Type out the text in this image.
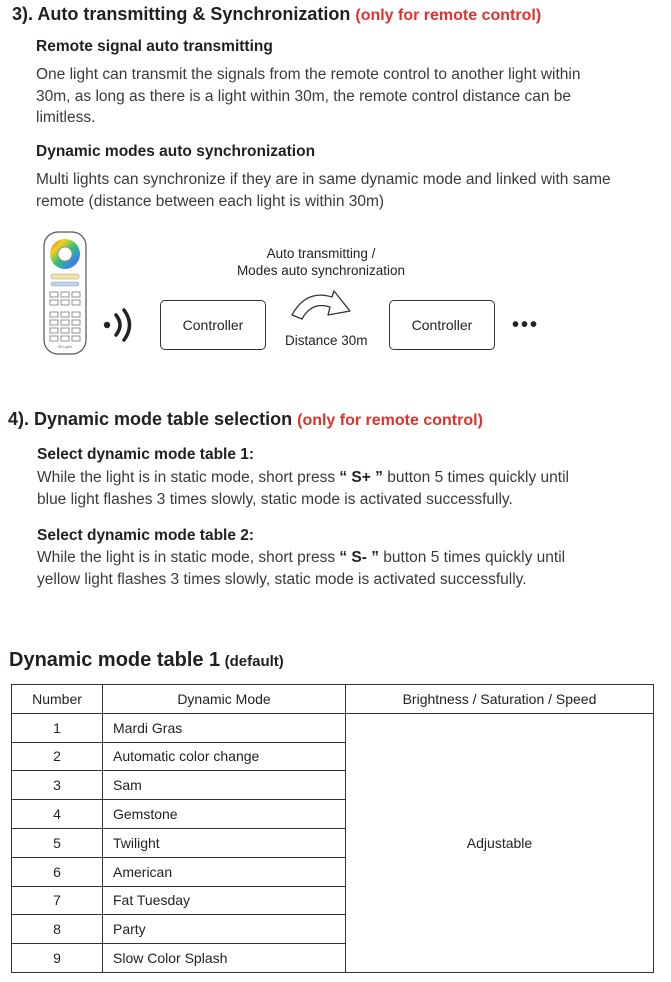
3). Auto transmitting & Synchronization (only for remote control)
Remote signal auto transmitting
One light can transmit the signals from the remote control to another light within
30m, as long as there is a light within 30m, the remote control distance can be
limitless.
Dynamic modes auto synchronization
Multi lights can synchronize if they are in same dynamic mode and linked with same
remote (distance between each light is within 30m)
Mi·Light
Controller	Controller
Auto transmitting /
Modes auto synchronization
Distance 30m
•••
4). Dynamic mode table selection (only for remote control)
Select dynamic mode table 1:
While the light is in static mode, short press “ S+ ” button 5 times quickly until
blue light flashes 3 times slowly, static mode is activated successfully.
Select dynamic mode table 2:
While the light is in static mode, short press “ S- ” button 5 times quickly until
yellow light flashes 3 times slowly, static mode is activated successfully.
Dynamic mode table 1 (default)
Number	Dynamic Mode	Brightness / Saturation / Speed
1	Mardi Gras	Adjustable
2	Automatic color change	
3	Sam	
4	Gemstone	
5	Twilight	
6	American	
7	Fat Tuesday	
8	Party	
9	Slow Color Splash	
